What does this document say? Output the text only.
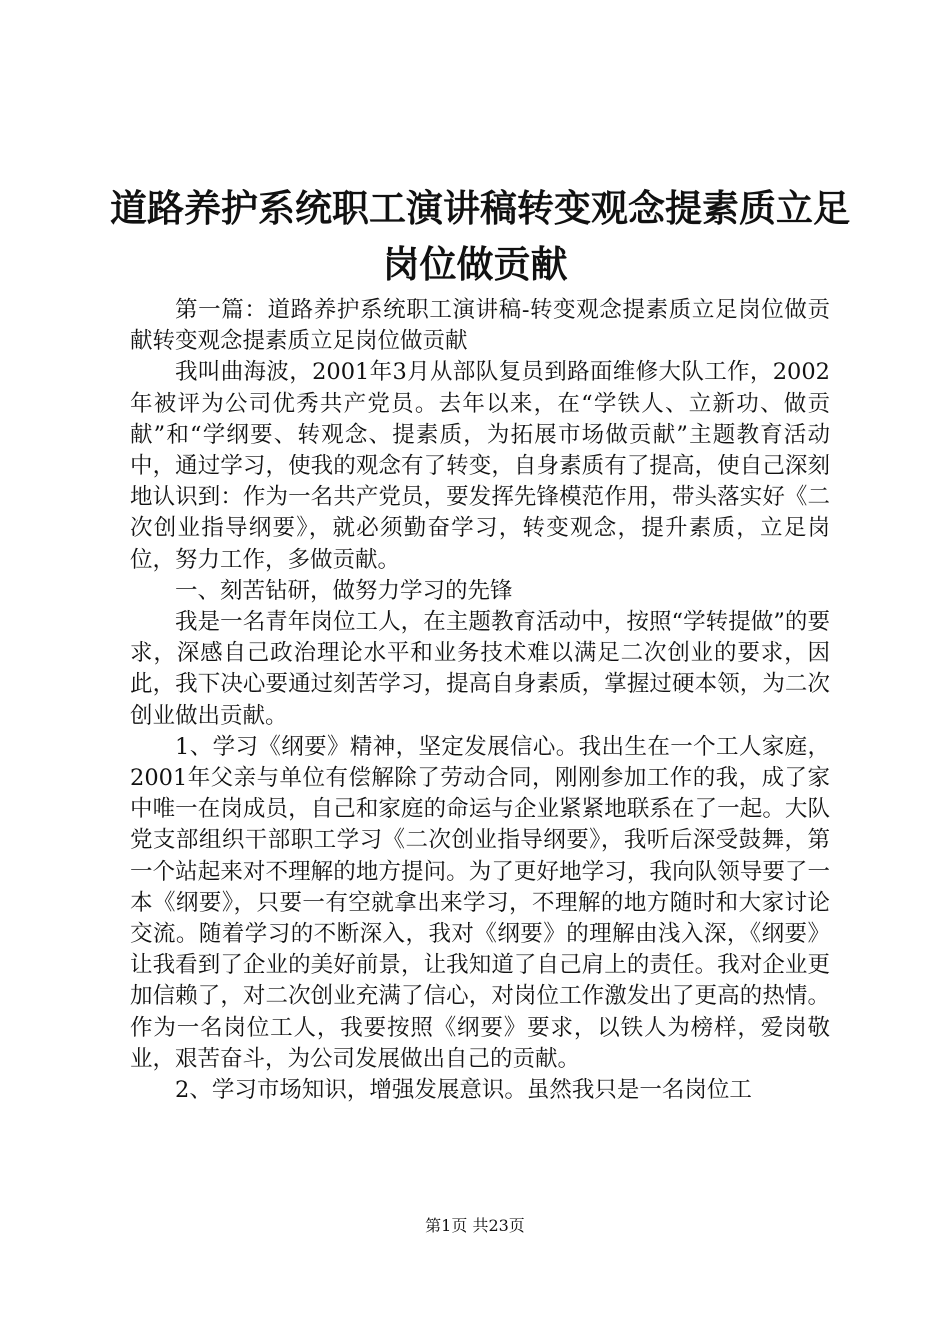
道路养护系统职工演讲稿转变观念提素质立足
岗位做贡献

第一篇：道路养护系统职工演讲稿-转变观念提素质立足岗位做贡献转变观念提素质立足岗位做贡献

我叫曲海波，2001年3月从部队复员到路面维修大队工作，2002年被评为公司优秀共产党员。去年以来，在“学铁人、立新功、做贡献”和“学纲要、转观念、提素质，为拓展市场做贡献”主题教育活动中，通过学习，使我的观念有了转变，自身素质有了提高，使自己深刻地认识到：作为一名共产党员，要发挥先锋模范作用，带头落实好《二次创业指导纲要》，就必须勤奋学习，转变观念，提升素质，立足岗位，努力工作，多做贡献。

一、刻苦钻研，做努力学习的先锋

我是一名青年岗位工人，在主题教育活动中，按照“学转提做”的要求，深感自己政治理论水平和业务技术难以满足二次创业的要求，因此，我下决心要通过刻苦学习，提高自身素质，掌握过硬本领，为二次创业做出贡献。

1、学习《纲要》精神，坚定发展信心。我出生在一个工人家庭，2001年父亲与单位有偿解除了劳动合同，刚刚参加工作的我，成了家中唯一在岗成员，自己和家庭的命运与企业紧紧地联系在了一起。大队党支部组织干部职工学习《二次创业指导纲要》，我听后深受鼓舞，第一个站起来对不理解的地方提问。为了更好地学习，我向队领导要了一本《纲要》，只要一有空就拿出来学习，不理解的地方随时和大家讨论交流。随着学习的不断深入，我对《纲要》的理解由浅入深，《纲要》让我看到了企业的美好前景，让我知道了自己肩上的责任。我对企业更加信赖了，对二次创业充满了信心，对岗位工作激发出了更高的热情。作为一名岗位工人，我要按照《纲要》要求，以铁人为榜样，爱岗敬业，艰苦奋斗，为公司发展做出自己的贡献。

2、学习市场知识，增强发展意识。虽然我只是一名岗位工

第1页 共23页
